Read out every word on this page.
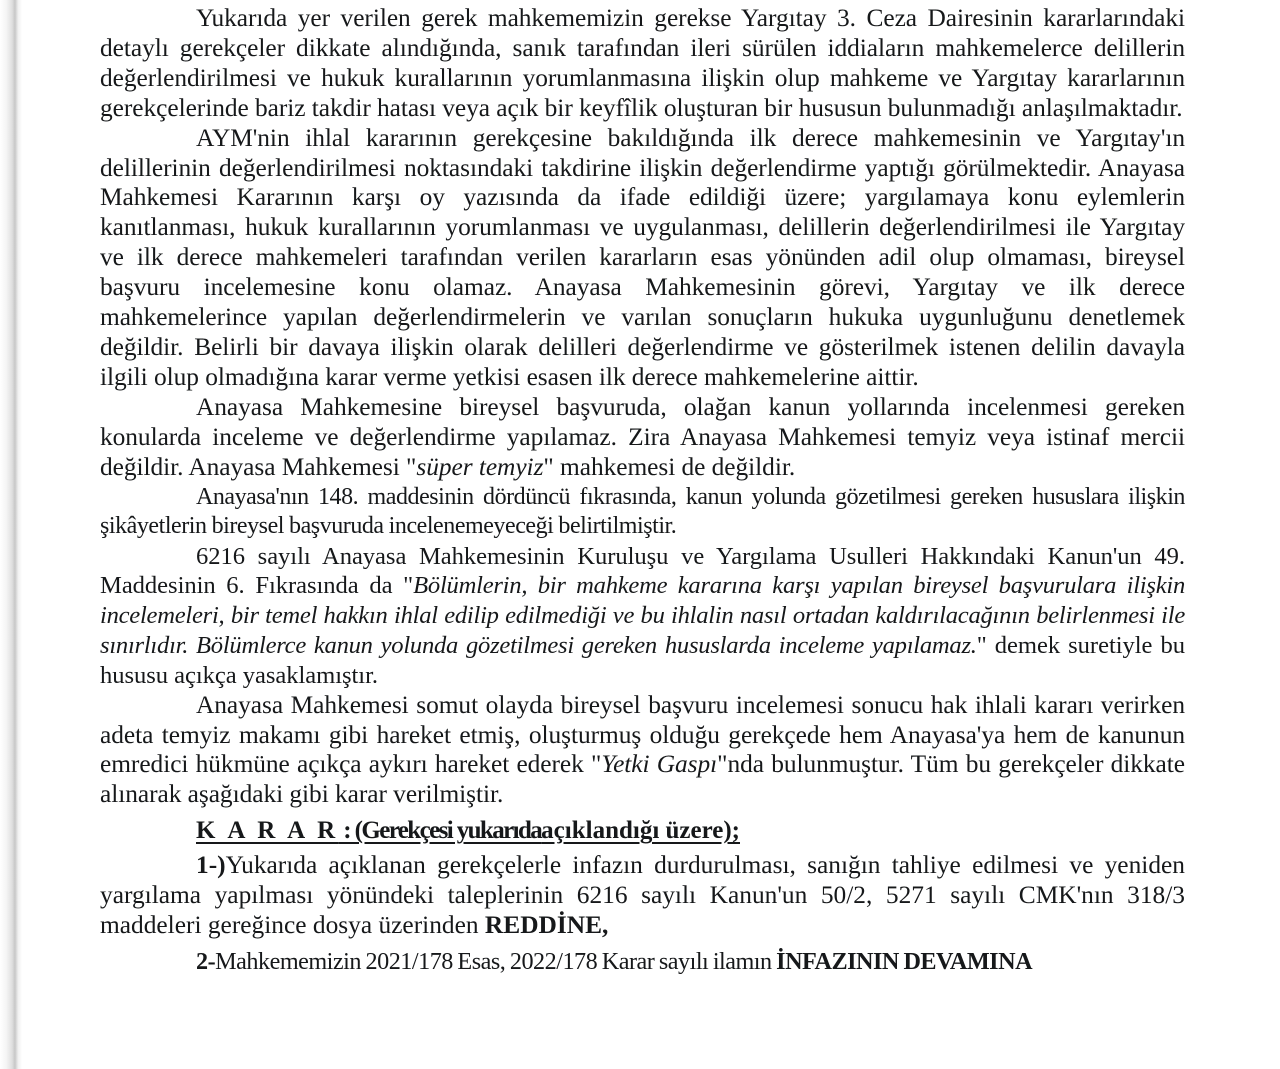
Yukarıda yer verilen gerek mahkememizin gerekse Yargıtay 3. Ceza Dairesinin kararlarındaki detaylı gerekçeler dikkate alındığında, sanık tarafından ileri sürülen iddiaların mahkemelerce delillerin değerlendirilmesi ve hukuk kurallarının yorumlanmasına ilişkin olup mahkeme ve Yargıtay kararlarının gerekçelerinde bariz takdir hatası veya açık bir keyfîlik oluşturan bir hususun bulunmadığı anlaşılmaktadır.

AYM'nin ihlal kararının gerekçesine bakıldığında ilk derece mahkemesinin ve Yargıtay'ın delillerinin değerlendirilmesi noktasındaki takdirine ilişkin değerlendirme yaptığı görülmektedir. Anayasa Mahkemesi Kararının karşı oy yazısında da ifade edildiği üzere; yargılamaya konu eylemlerin kanıtlanması, hukuk kurallarının yorumlanması ve uygulanması, delillerin değerlendirilmesi ile Yargıtay ve ilk derece mahkemeleri tarafından verilen kararların esas yönünden adil olup olmaması, bireysel başvuru incelemesine konu olamaz. Anayasa Mahkemesinin görevi, Yargıtay ve ilk derece mahkemelerince yapılan değerlendirmelerin ve varılan sonuçların hukuka uygunluğunu denetlemek değildir. Belirli bir davaya ilişkin olarak delilleri değerlendirme ve gösterilmek istenen delilin davayla ilgili olup olmadığına karar verme yetkisi esasen ilk derece mahkemelerine aittir.

Anayasa Mahkemesine bireysel başvuruda, olağan kanun yollarında incelenmesi gereken konularda inceleme ve değerlendirme yapılamaz. Zira Anayasa Mahkemesi temyiz veya istinaf mercii değildir. Anayasa Mahkemesi "süper temyiz" mahkemesi de değildir.

Anayasa'nın 148. maddesinin dördüncü fıkrasında, kanun yolunda gözetilmesi gereken hususlara ilişkin şikâyetlerin bireysel başvuruda incelenemeyeceği belirtilmiştir.

6216 sayılı Anayasa Mahkemesinin Kuruluşu ve Yargılama Usulleri Hakkındaki Kanun'un 49. Maddesinin 6. Fıkrasında da "Bölümlerin, bir mahkeme kararına karşı yapılan bireysel başvurulara ilişkin incelemeleri, bir temel hakkın ihlal edilip edilmediği ve bu ihlalin nasıl ortadan kaldırılacağının belirlenmesi ile sınırlıdır. Bölümlerce kanun yolunda gözetilmesi gereken hususlarda inceleme yapılamaz." demek suretiyle bu hususu açıkça yasaklamıştır.

Anayasa Mahkemesi somut olayda bireysel başvuru incelemesi sonucu hak ihlali kararı verirken adeta temyiz makamı gibi hareket etmiş, oluşturmuş olduğu gerekçede hem Anayasa'ya hem de kanunun emredici hükmüne açıkça aykırı hareket ederek "Yetki Gaspı"nda bulunmuştur. Tüm bu gerekçeler dikkate alınarak aşağıdaki gibi karar verilmiştir.

K A R A R : (Gerekçesi yukarıdaaçıklandığı üzere);

1-)Yukarıda açıklanan gerekçelerle infazın durdurulması, sanığın tahliye edilmesi ve yeniden yargılama yapılması yönündeki taleplerinin 6216 sayılı Kanun'un 50/2, 5271 sayılı CMK'nın 318/3 maddeleri gereğince dosya üzerinden REDDİNE,

2-Mahkememizin 2021/178 Esas, 2022/178 Karar sayılı ilamın İNFAZININ DEVAMINA
